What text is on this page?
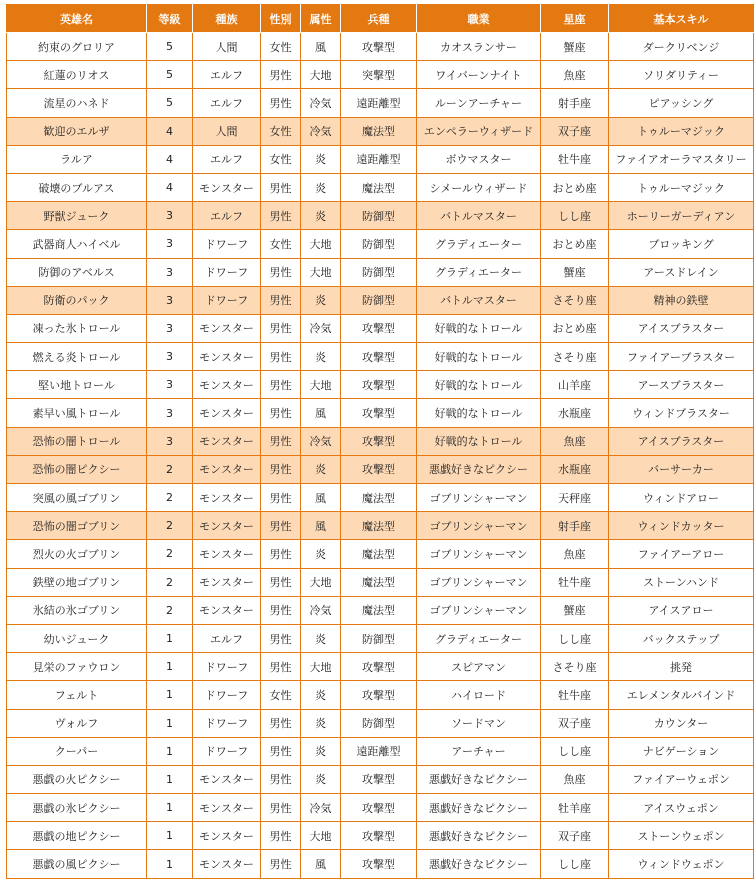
英雄名	等級	種族	性別	属性	兵種	職業	星座	基本スキル
約束のグロリア	5	人間	女性	風	攻撃型	カオスランサー	蟹座	ダークリベンジ
紅蓮のリオス	5	エルフ	男性	大地	突撃型	ワイバーンナイト	魚座	ソリダリティー
流星のハネド	5	エルフ	男性	冷気	遠距離型	ルーンアーチャー	射手座	ピアッシング
歓迎のエルザ	4	人間	女性	冷気	魔法型	エンペラーウィザード	双子座	トゥルーマジック
ラルア	4	エルフ	女性	炎	遠距離型	ボウマスター	牡牛座	ファイアオーラマスタリー
破壊のブルアス	4	モンスター	男性	炎	魔法型	シメールウィザード	おとめ座	トゥルーマジック
野獣ジューク	3	エルフ	男性	炎	防御型	バトルマスター	しし座	ホーリーガーディアン
武器商人ハイベル	3	ドワーフ	女性	大地	防御型	グラディエーター	おとめ座	ブロッキング
防御のアベルス	3	ドワーフ	男性	大地	防御型	グラディエーター	蟹座	アースドレイン
防衛のパック	3	ドワーフ	男性	炎	防御型	バトルマスター	さそり座	精神の鉄壁
凍った氷トロール	3	モンスター	男性	冷気	攻撃型	好戦的なトロール	おとめ座	アイスブラスター
燃える炎トロール	3	モンスター	男性	炎	攻撃型	好戦的なトロール	さそり座	ファイアーブラスター
堅い地トロール	3	モンスター	男性	大地	攻撃型	好戦的なトロール	山羊座	アースブラスター
素早い風トロール	3	モンスター	男性	風	攻撃型	好戦的なトロール	水瓶座	ウィンドブラスター
恐怖の闇トロール	3	モンスター	男性	冷気	攻撃型	好戦的なトロール	魚座	アイスブラスター
恐怖の闇ピクシー	2	モンスター	男性	炎	攻撃型	悪戯好きなピクシー	水瓶座	バーサーカー
突風の風ゴブリン	2	モンスター	男性	風	魔法型	ゴブリンシャーマン	天秤座	ウィンドアロー
恐怖の闇ゴブリン	2	モンスター	男性	風	魔法型	ゴブリンシャーマン	射手座	ウィンドカッター
烈火の火ゴブリン	2	モンスター	男性	炎	魔法型	ゴブリンシャーマン	魚座	ファイアーアロー
鉄壁の地ゴブリン	2	モンスター	男性	大地	魔法型	ゴブリンシャーマン	牡牛座	ストーンハンド
氷結の氷ゴブリン	2	モンスター	男性	冷気	魔法型	ゴブリンシャーマン	蟹座	アイスアロー
幼いジューク	1	エルフ	男性	炎	防御型	グラディエーター	しし座	バックステップ
見栄のファウロン	1	ドワーフ	男性	大地	攻撃型	スピアマン	さそり座	挑発
フェルト	1	ドワーフ	女性	炎	攻撃型	ハイロード	牡牛座	エレメンタルバインド
ヴォルフ	1	ドワーフ	男性	炎	防御型	ソードマン	双子座	カウンター
クーパー	1	ドワーフ	男性	炎	遠距離型	アーチャー	しし座	ナビゲーション
悪戯の火ピクシー	1	モンスター	男性	炎	攻撃型	悪戯好きなピクシー	魚座	ファイアーウェポン
悪戯の氷ピクシー	1	モンスター	男性	冷気	攻撃型	悪戯好きなピクシー	牡羊座	アイスウェポン
悪戯の地ピクシー	1	モンスター	男性	大地	攻撃型	悪戯好きなピクシー	双子座	ストーンウェポン
悪戯の風ピクシー	1	モンスター	男性	風	攻撃型	悪戯好きなピクシー	しし座	ウィンドウェポン
